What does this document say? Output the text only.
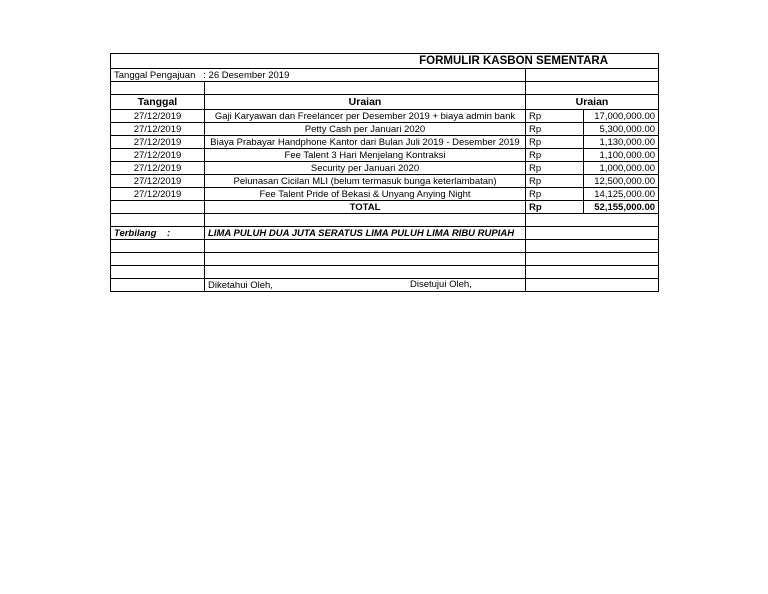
FORMULIR KASBON SEMENTARA			
Tanggal Pengajuan : 26 Desember 2019			

Tanggal	Uraian	Uraian	
27/12/2019	Gaji Karyawan dan Freelancer per Desember 2019 + biaya admin bank	Rp	17,000,000.00
27/12/2019	Petty Cash per Januari 2020	Rp	5,300,000.00
27/12/2019	Biaya Prabayar Handphone Kantor dari Bulan Juli 2019 - Desember 2019	Rp	1,130,000.00
27/12/2019	Fee Talent 3 Hari Menjelang Kontraksi	Rp	1,100,000.00
27/12/2019	Security per Januari 2020	Rp	1,000,000.00
27/12/2019	Pelunasan Cicilan MLI (belum termasuk bunga keterlambatan)	Rp	12,500,000.00
27/12/2019	Fee Talent Pride of Bekasi & Unyang Anying Night	Rp	14,125,000.00
	TOTAL	Rp	52,155,000.00

Terbilang    :	LIMA PULUH DUA JUTA SERATUS LIMA PULUH LIMA RIBU RUPIAH		

	Diketahui Oleh, Disetujui Oleh,		
